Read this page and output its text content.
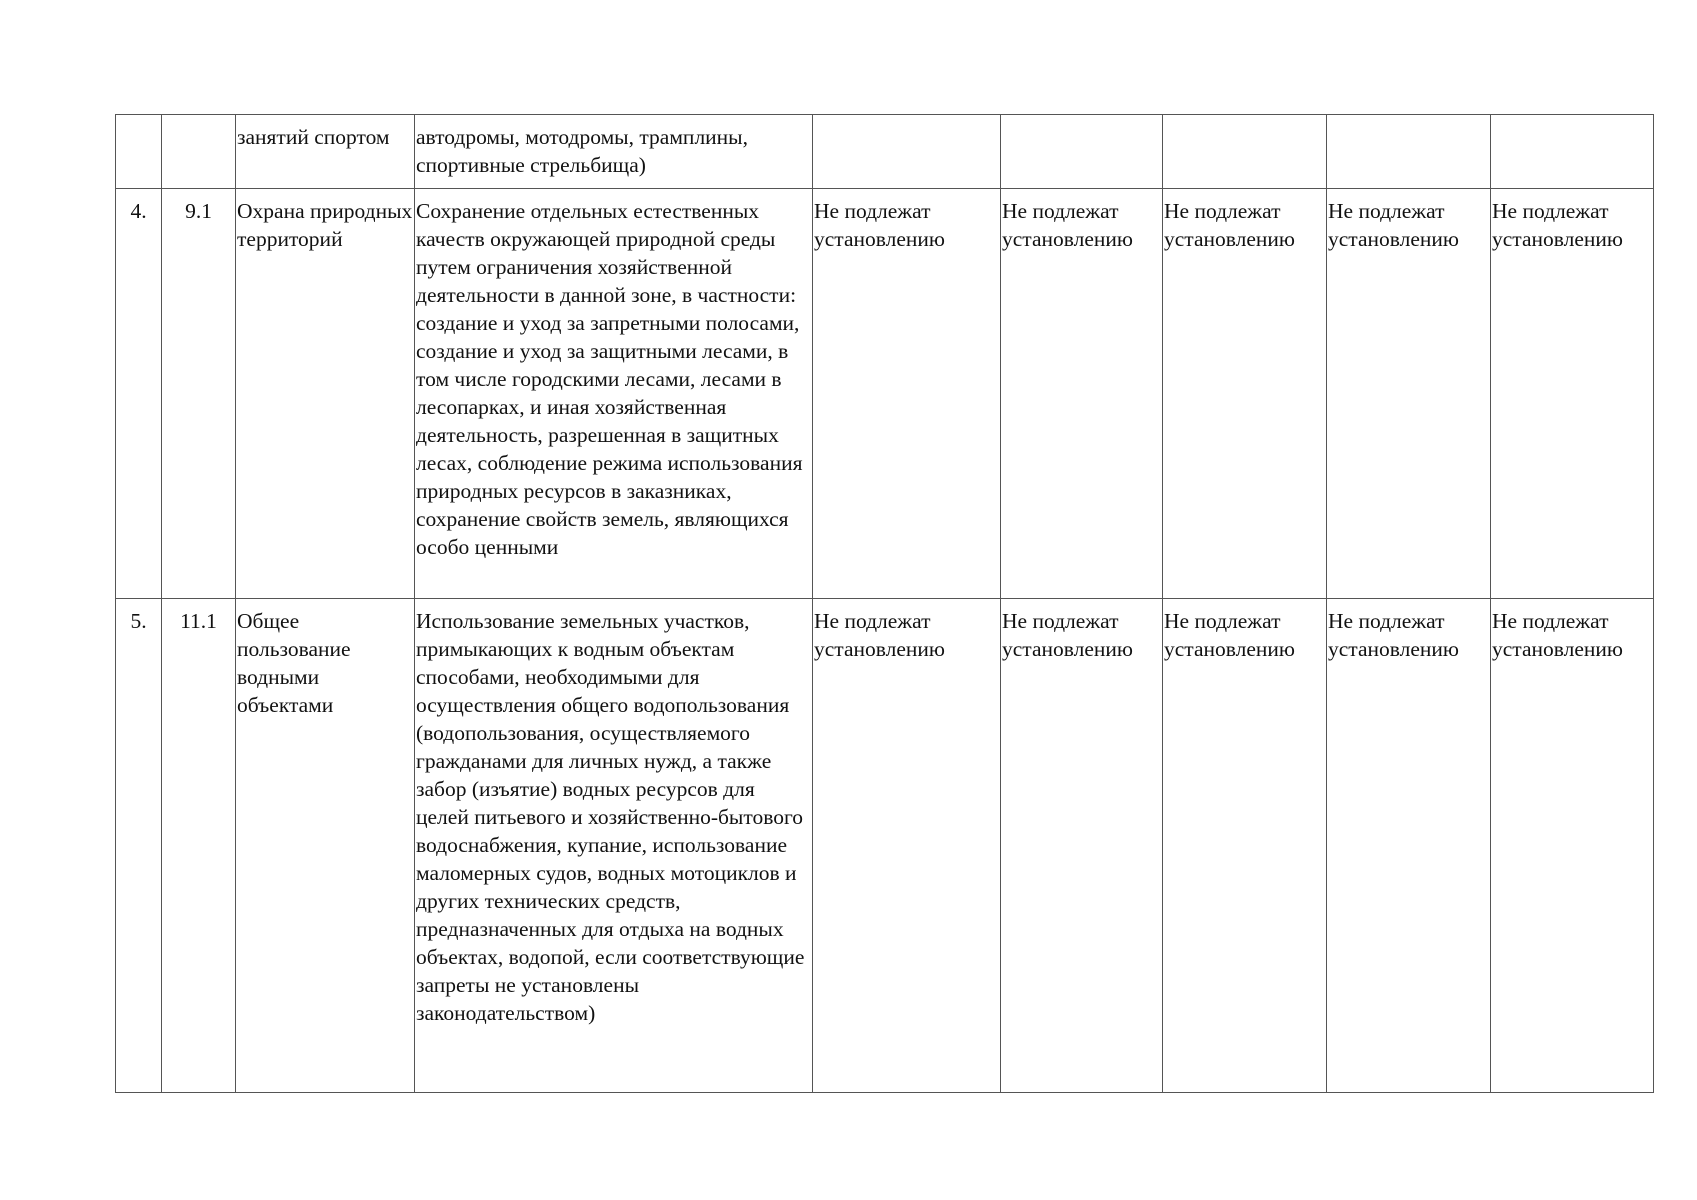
		занятий спортом	автодромы, мотодромы, трамплины, спортивные стрельбища)					
4.	9.1	Охрана природных территорий	Сохранение отдельных естественных качеств окружающей природной среды путем ограничения хозяйственной деятельности в данной зоне, в частности: создание и уход за запретными полосами, создание и уход за защитными лесами, в том числе городскими лесами, лесами в лесопарках, и иная хозяйственная деятельность, разрешенная в защитных лесах, соблюдение режима использования природных ресурсов в заказниках, сохранение свойств земель, являющихся особо ценными	Не подлежат установлению	Не подлежат установлению	Не подлежат установлению	Не подлежат установлению	Не подлежат установлению
5.	11.1	Общее пользование водными объектами	Использование земельных участков, примыкающих к водным объектам способами, необходимыми для осуществления общего водопользования (водопользования, осуществляемого гражданами для личных нужд, а также забор (изъятие) водных ресурсов для целей питьевого и хозяйственно-бытового водоснабжения, купание, использование маломерных судов, водных мотоциклов и других технических средств, предназначенных для отдыха на водных объектах, водопой, если соответствующие запреты не установлены законодательством)	Не подлежат установлению	Не подлежат установлению	Не подлежат установлению	Не подлежат установлению	Не подлежат установлению
